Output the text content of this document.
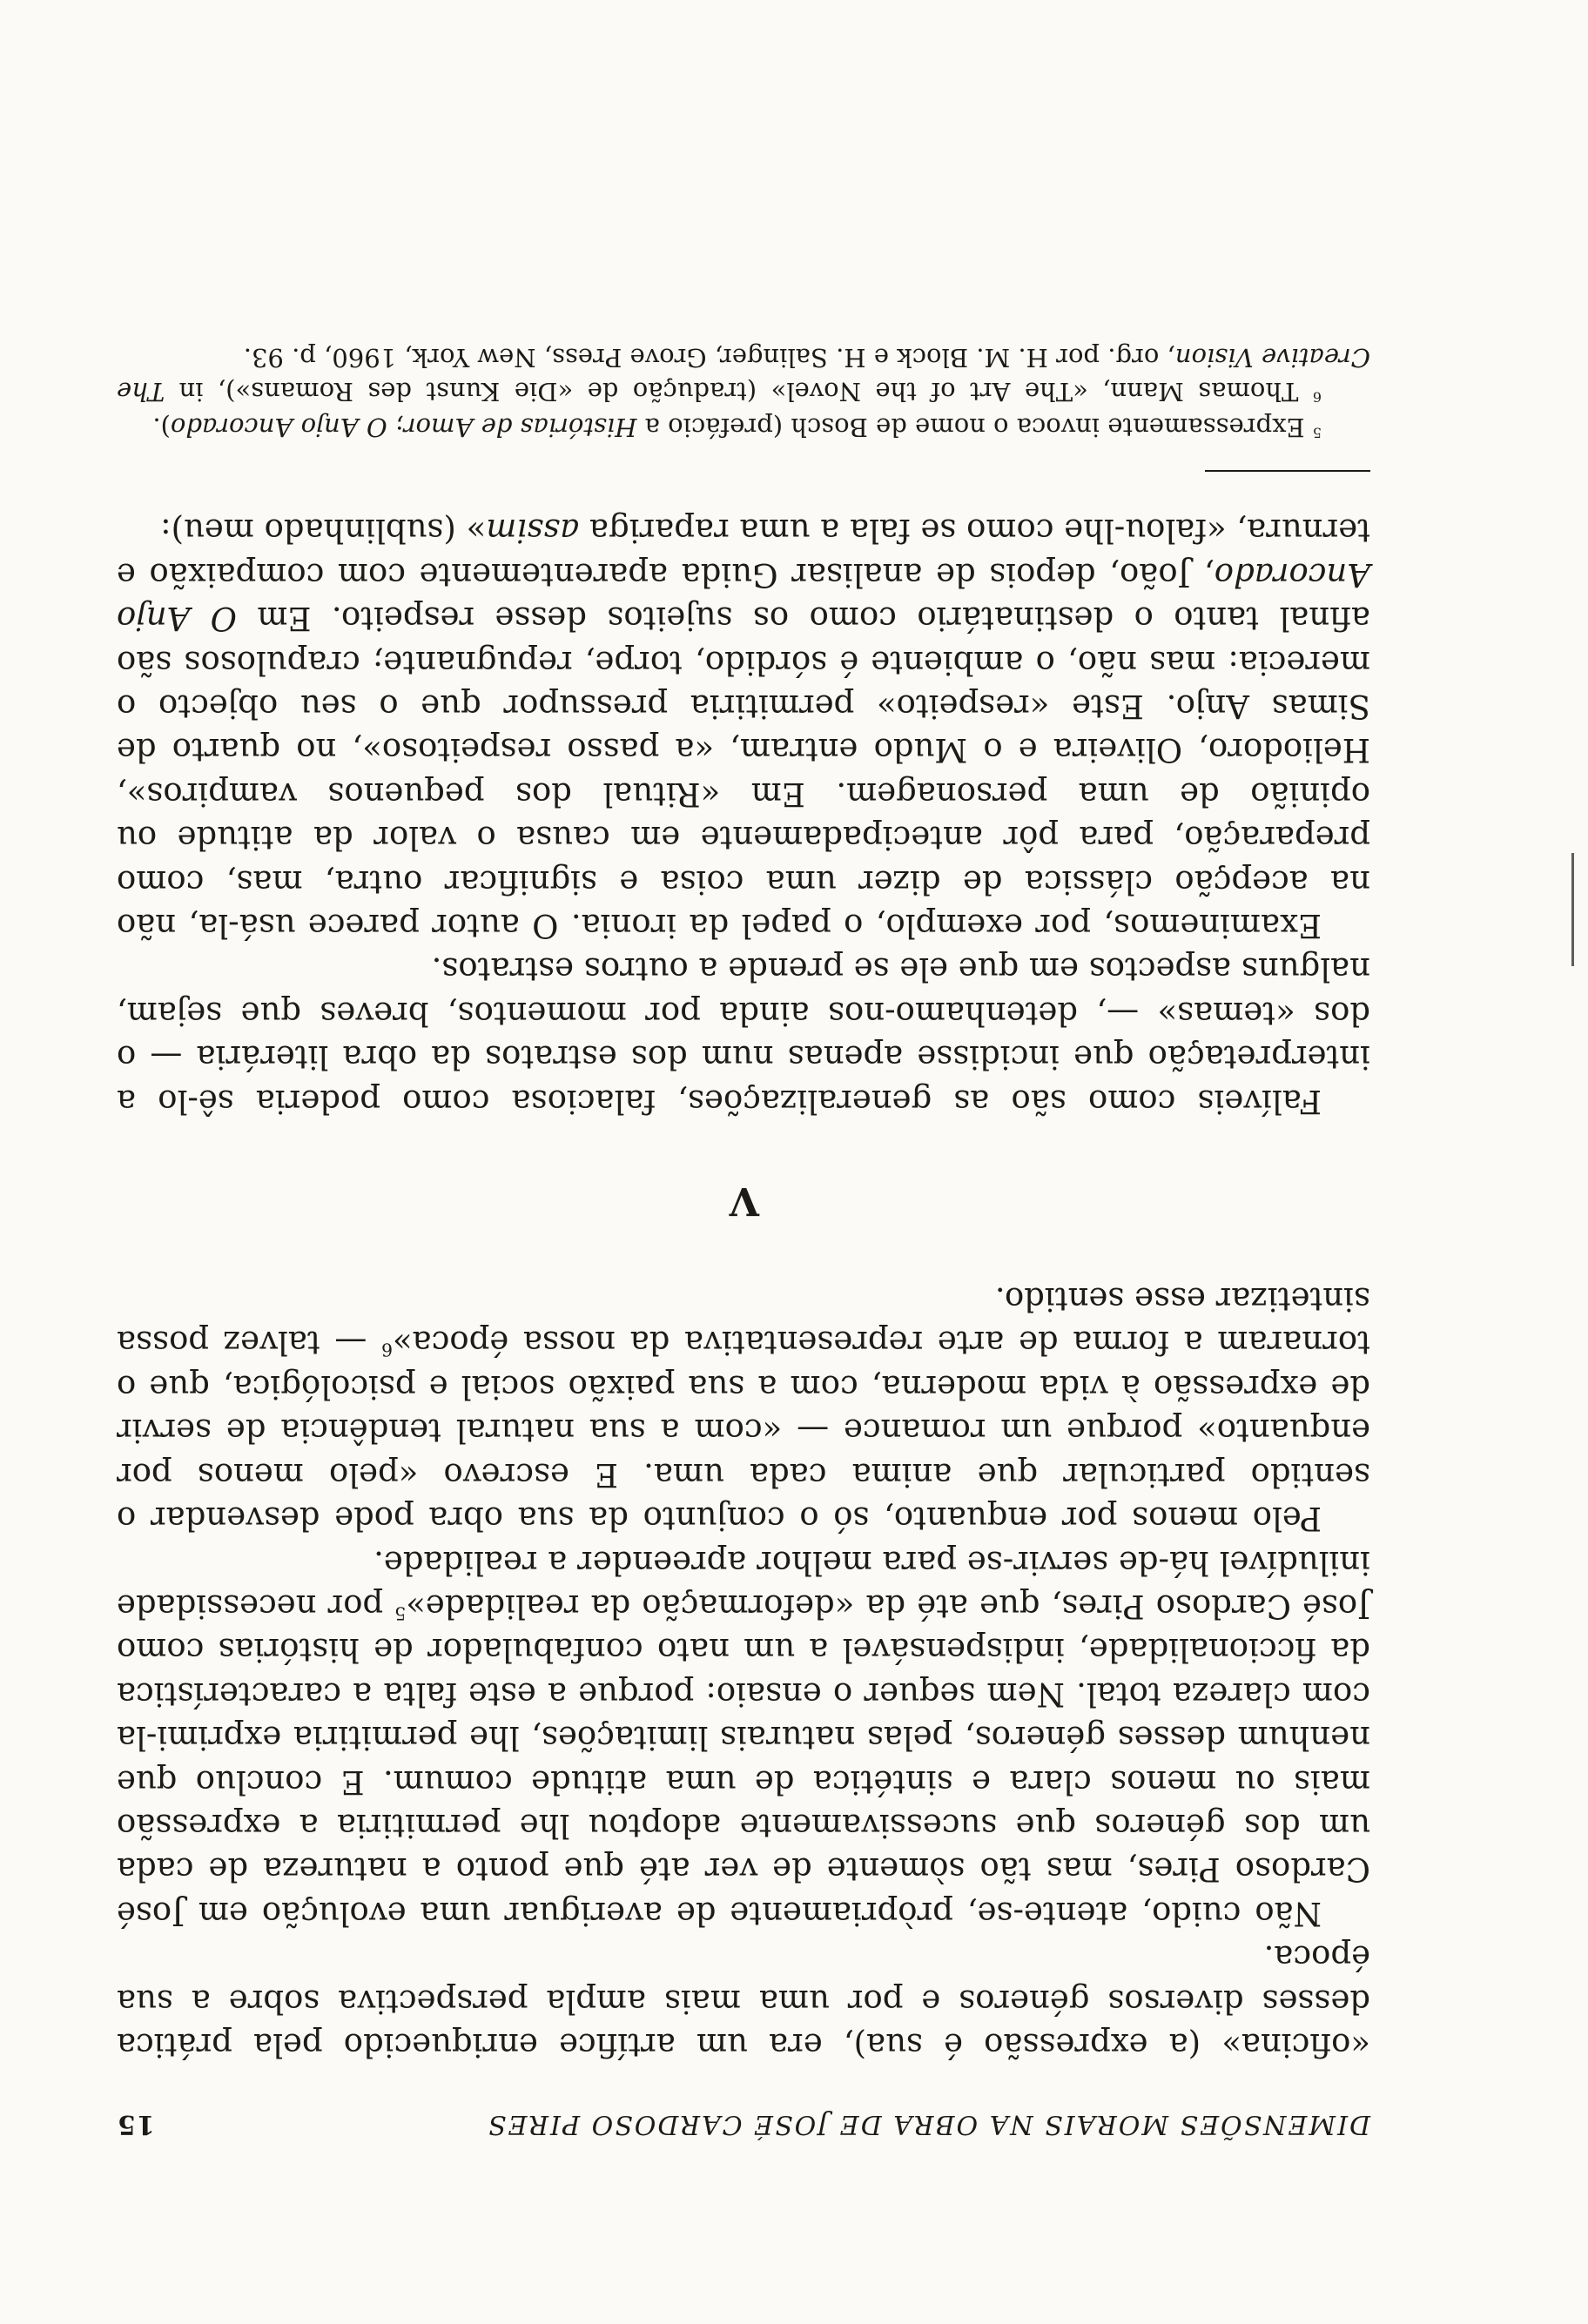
DIMENSÕES MORAIS NA OBRA DE JOSÉ CARDOSO PIRES
15

«oficina» (a expressão é sua), era um artífice enriquecido pela prática desses diversos géneros e por uma mais ampla perspectiva sobre a sua época.

Não cuido, atente-se, pròpriamente de averiguar uma evolução em José Cardoso Pires, mas tão sòmente de ver até que ponto a natureza de cada um dos géneros que sucessivamente adoptou lhe permitiria a expressão mais ou menos clara e sintética de uma atitude comum. E concluo que nenhum desses géneros, pelas naturais limitações, lhe permitiria exprimi-la com clareza total. Nem sequer o ensaio: porque a este falta a característica da ficcionalidade, indispensável a um nato confabulador de histórias como José Cardoso Pires, que até da «deformação da realidade»$^5$ por necessidade iniludível há-de servir-se para melhor apreender a realidade.

Pelo menos por enquanto, só o conjunto da sua obra pode desvendar o sentido particular que anima cada uma. E escrevo «pelo menos por enquanto» porque um romance — «com a sua natural tendência de servir de expressão à vida moderna, com a sua paixão social e psicológica, que o tornaram a forma de arte representativa da nossa época»$^6$ — talvez possa sintetizar esse sentido.

V

Falíveis como são as generalizações, falaciosa como poderia sê-lo a interpretação que incidisse apenas num dos estratos da obra literária — o dos «temas» —, detenhamo-nos ainda por momentos, breves que sejam, nalguns aspectos em que ele se prende a outros estratos.

Examinemos, por exemplo, o papel da ironia. O autor parece usá-la, não na acepção clássica de dizer uma coisa e significar outra, mas, como preparação, para pôr antecipadamente em causa o valor da atitude ou opinião de uma personagem. Em «Ritual dos pequenos vampiros», Heliodoro, Oliveira e o Mudo entram, «a passo respeitoso», no quarto de Simas Anjo. Este «respeito» permitiria pressupor que o seu objecto o merecia: mas não, o ambiente é sórdido, torpe, repugnante; crapulosos são afinal tanto o destinatário como os sujeitos desse respeito. Em O Anjo Ancorado, João, depois de analisar Guida aparentemente com compaixão e ternura, «falou-lhe como se fala a uma rapariga assim» (sublinhado meu):

$^5$ Expressamente invoca o nome de Bosch (prefácio a Histórias de Amor; O Anjo Ancorado).

$^6$ Thomas Mann, «The Art of the Novel» (tradução de «Die Kunst des Romans»), in The Creative Vision, org. por H. M. Block e H. Salinger, Grove Press, New York, 1960, p. 93.
